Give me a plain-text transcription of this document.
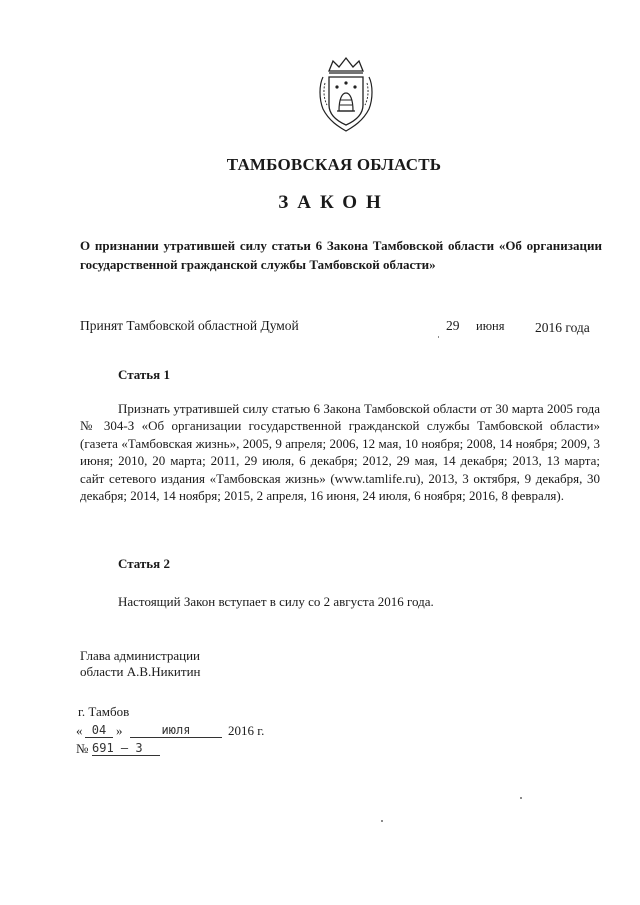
ТАМБОВСКАЯ ОБЛАСТЬ
ЗАКОН
О признании утратившей силу статьи 6 Закона Тамбовской области «Об организации государственной гражданской службы Тамбовской области»
Принят Тамбовской областной Думой	29 июня 2016 года
Статья 1
Признать утратившей силу статью 6 Закона Тамбовской области от 30 марта 2005 года № 304-З «Об организации государственной гражданской службы Тамбовской области» (газета «Тамбовская жизнь», 2005, 9 апреля; 2006, 12 мая, 10 ноября; 2008, 14 ноября; 2009, 3 июня; 2010, 20 марта; 2011, 29 июля, 6 декабря; 2012, 29 мая, 14 декабря; 2013, 13 марта; сайт сетевого издания «Тамбовская жизнь» (www.tamlife.ru), 2013, 3 октября, 9 декабря, 30 декабря; 2014, 14 ноября; 2015, 2 апреля, 16 июня, 24 июля, 6 ноября; 2016, 8 февраля).
Статья 2
Настоящий Закон вступает в силу со 2 августа 2016 года.
Глава администрации
области А.В.Никитин
г. Тамбов
« 04 »	июля	2016 г.
№ 691 – 3
